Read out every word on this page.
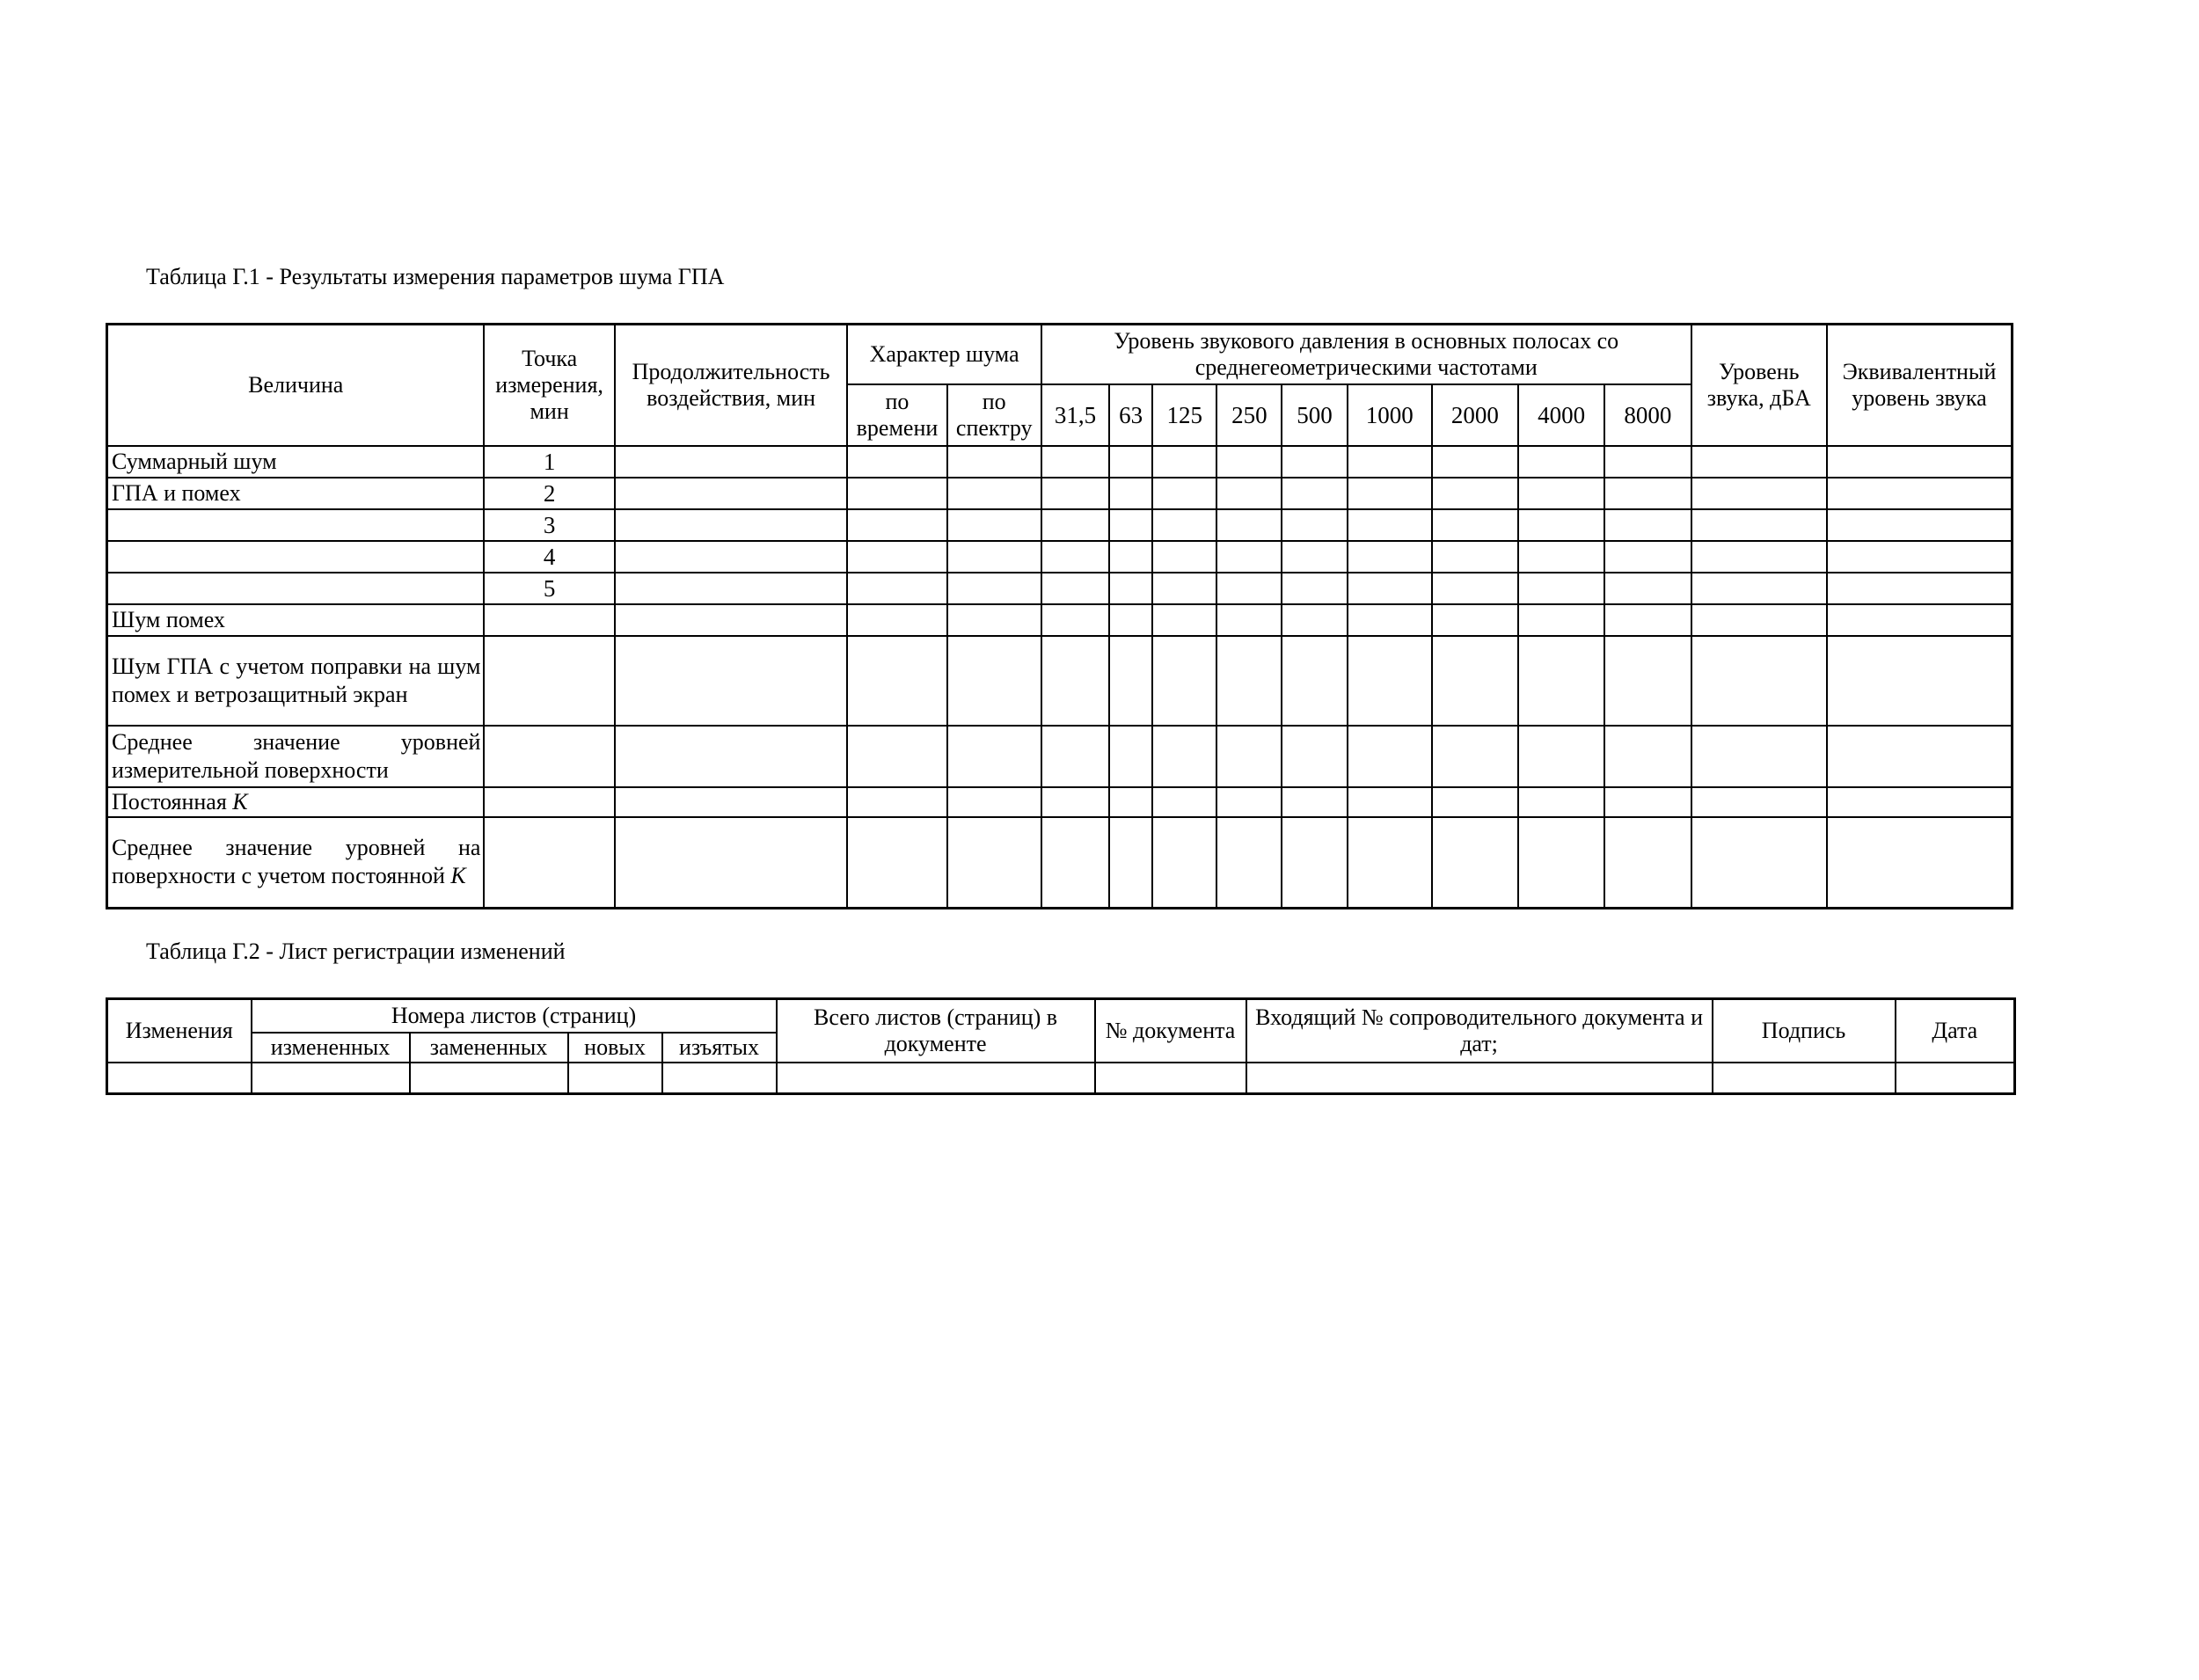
Таблица Г.1 - Результаты измерения параметров шума ГПА
Величина	Точка измерения, мин	Продолжительность воздействия, мин	Характер шума		Уровень звукового давления в основных полосах со среднегеометрическими частотами									Уровень звука, дБА	Эквивалентный уровень звука
			по времени	по спектру	31,5	63	125	250	500	1000	2000	4000	8000		
Суммарный шум	1														
ГПА и помех	2														
	3														
	4														
	5														
Шум помех															
Шум ГПА с учетом поправки на шум помех и ветрозащитный экран															
Среднее значение уровней измерительной поверхности															
Постоянная K															
Среднее значение уровней на поверхности с учетом постоянной K															
Таблица Г.2 - Лист регистрации изменений
Изменения	Номера листов (страниц)				Всего листов (страниц) в документе	№ документа	Входящий № сопроводительного документа и дат;	Подпись	Дата
	измененных	замененных	новых	изъятых					
